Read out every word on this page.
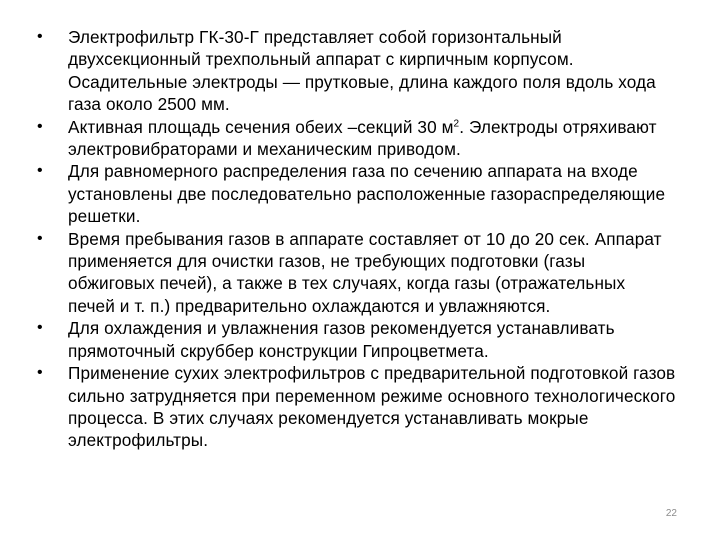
• Электрофильтр ГК-30-Г представляет собой горизонтальный двухсекционный трехпольный аппарат с кирпичным корпусом. Осадительные электроды — прутковые, длина каждого поля вдоль хода газа около 2500 мм.
• Активная площадь сечения обеих –секций 30 $м^2$. Электроды отряхивают электровибраторами и механическим приводом.
• Для равномерного распределения газа по сечению аппарата на входе установлены две последовательно расположенные газораспределяющие решетки.
• Время пребывания газов в аппарате составляет от 10 до 20 сек. Аппарат применяется для очистки газов, не требующих подготовки (газы обжиговых печей), а также в тех случаях, когда газы (отражательных печей и т. п.) предварительно охлаждаются и увлажняются.
• Для охлаждения и увлажнения газов рекомендуется устанавливать прямоточный скруббер конструкции Гипроцветмета.
• Применение сухих электрофильтров с предварительной подготовкой газов сильно затрудняется при переменном режиме основного технологического процесса. В этих случаях рекомендуется устанавливать мокрые электрофильтры.
22
